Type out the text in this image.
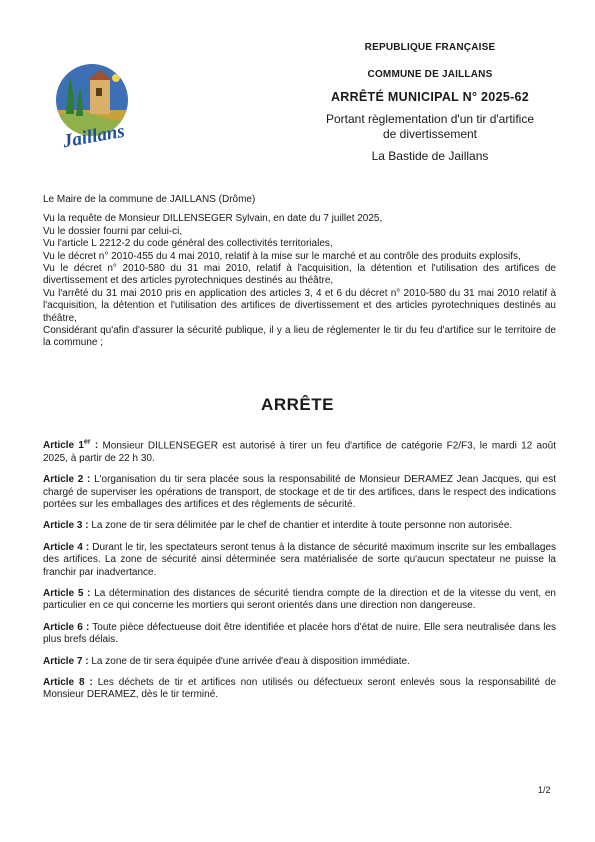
Jaillans
REPUBLIQUE FRANÇAISE
COMMUNE DE JAILLANS
ARRÊTÉ MUNICIPAL N° 2025-62
Portant règlementation d'un tir d'artifice
de divertissement
La Bastide de Jaillans

Le Maire de la commune de JAILLANS (Drôme)

Vu la requête de Monsieur DILLENSEGER Sylvain, en date du 7 juillet 2025,

Vu le dossier fourni par celui-ci,

Vu l'article L 2212-2 du code général des collectivités territoriales,

Vu le décret n° 2010-455 du 4 mai 2010, relatif à la mise sur le marché et au contrôle des produits explosifs,

Vu le décret n° 2010-580 du 31 mai 2010, relatif à l'acquisition, la détention et l'utilisation des artifices de divertissement et des articles pyrotechniques destinés au théâtre,

Vu l'arrêté du 31 mai 2010 pris en application des articles 3, 4 et 6 du décret n° 2010-580 du 31 mai 2010 relatif à l'acquisition, la détention et l'utilisation des artifices de divertissement et des articles pyrotechniques destinés au théâtre,

Considérant qu'afin d'assurer la sécurité publique, il y a lieu de réglementer le tir du feu d'artifice sur le territoire de la commune ;

ARRÊTE

Article 1er : Monsieur DILLENSEGER est autorisé à tirer un feu d'artifice de catégorie F2/F3, le mardi 12 août 2025, à partir de 22 h 30.

Article 2 : L'organisation du tir sera placée sous la responsabilité de Monsieur DERAMEZ Jean Jacques, qui est chargé de superviser les opérations de transport, de stockage et de tir des artifices, dans le respect des indications portées sur les emballages des artifices et des règlements de sécurité.

Article 3 : La zone de tir sera délimitée par le chef de chantier et interdite à toute personne non autorisée.

Article 4 : Durant le tir, les spectateurs seront tenus à la distance de sécurité maximum inscrite sur les emballages des artifices. La zone de sécurité ainsi déterminée sera matérialisée de sorte qu'aucun spectateur ne puisse la franchir par inadvertance.

Article 5 : La détermination des distances de sécurité tiendra compte de la direction et de la vitesse du vent, en particulier en ce qui concerne les mortiers qui seront orientés dans une direction non dangereuse.

Article 6 : Toute pièce défectueuse doit être identifiée et placée hors d'état de nuire. Elle sera neutralisée dans les plus brefs délais.

Article 7 : La zone de tir sera équipée d'une arrivée d'eau à disposition immédiate.

Article 8 : Les déchets de tir et artifices non utilisés ou défectueux seront enlevés sous la responsabilité de Monsieur DERAMEZ, dès le tir terminé.

1/2
